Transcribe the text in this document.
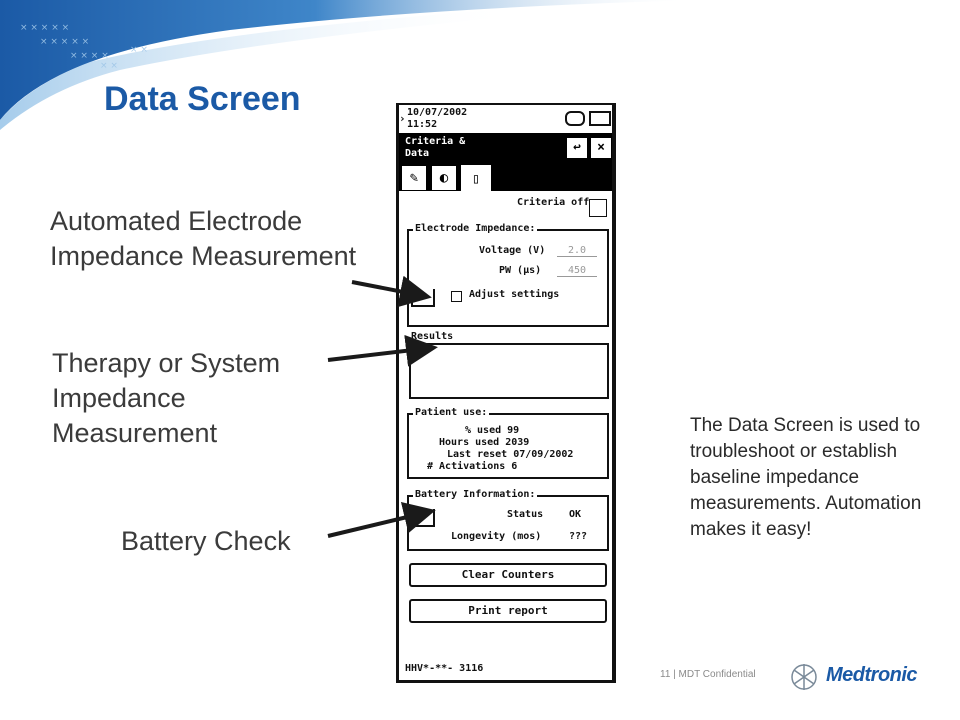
× × × × ×
× × × × ×
× × × ×
× ×
× ×
Data Screen
Automated Electrode
Impedance Measurement
Therapy or System
Impedance
Measurement
Battery Check
› 10/07/2002
11:52
Criteria &
Data	↩	×
✎	◐	▯
Criteria off
Electrode Impedance:
Voltage (V)	2.0
PW (µs)	450
Adjust settings
Results
Patient use:
% used 99
Hours used 2039
Last reset 07/09/2002
# Activations 6
Battery Information:
Status	OK
Longevity (mos)	???
Clear Counters
Print report
HHV*-**- 3116
The Data Screen is used to troubleshoot or establish baseline impedance measurements. Automation makes it easy!
11 | MDT Confidential	Medtronic
